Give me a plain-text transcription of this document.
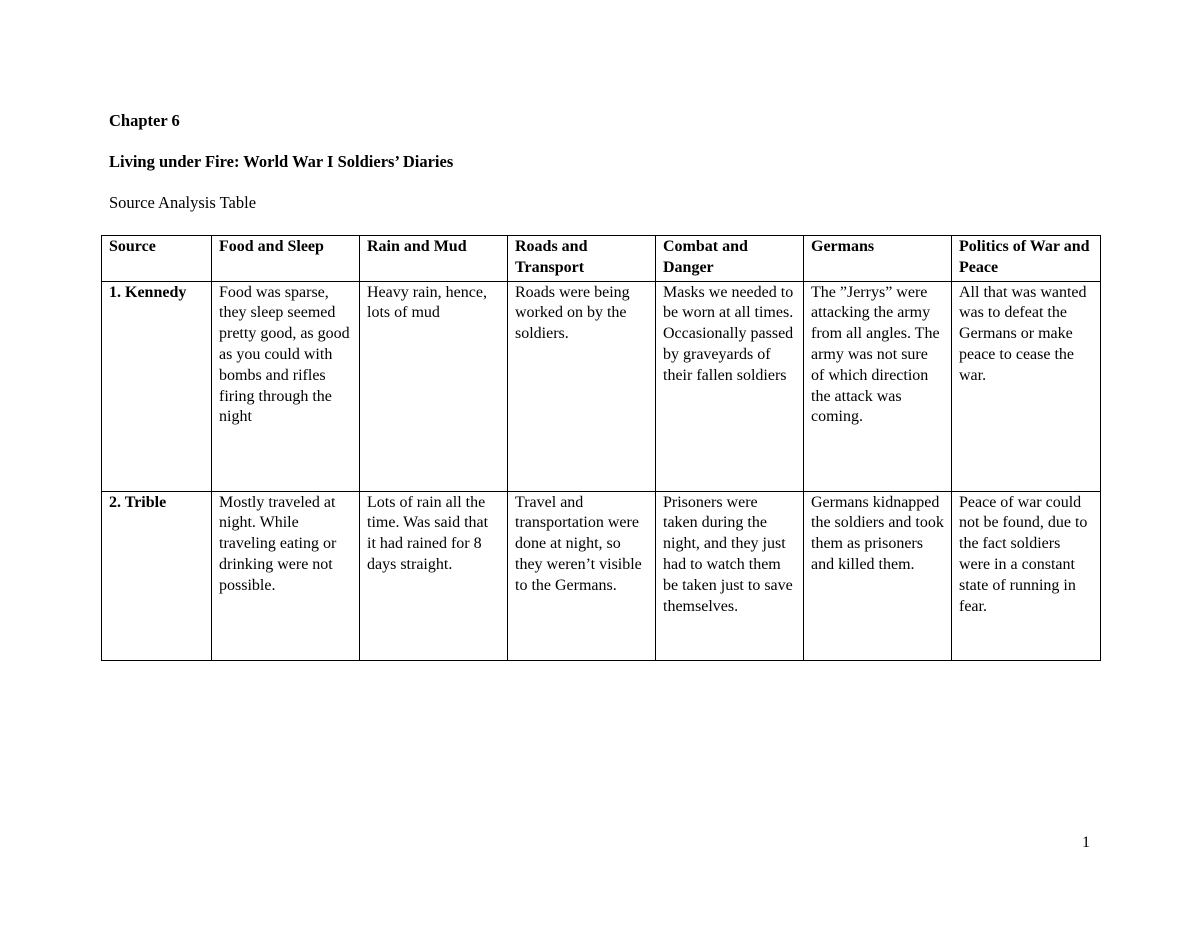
Chapter 6
Living under Fire: World War I Soldiers’ Diaries
Source Analysis Table
Source	Food and Sleep	Rain and Mud	Roads and Transport	Combat and Danger	Germans	Politics of War and Peace
1. Kennedy	Food was sparse, they sleep seemed pretty good, as good as you could with bombs and rifles firing through the night	Heavy rain, hence, lots of mud	Roads were being worked on by the soldiers.	Masks we needed to be worn at all times. Occasionally passed by graveyards of their fallen soldiers	The ”Jerrys” were attacking the army from all angles. The army was not sure of which direction the attack was coming.	All that was wanted was to defeat the Germans or make peace to cease the war.
2. Trible	Mostly traveled at night. While traveling eating or drinking were not possible.	Lots of rain all the time. Was said that it had rained for 8 days straight.	Travel and transportation were done at night, so they weren’t visible to the Germans.	Prisoners were taken during the night, and they just had to watch them be taken just to save themselves.	Germans kidnapped the soldiers and took them as prisoners and killed them.	Peace of war could not be found, due to the fact soldiers were in a constant state of running in fear.
1
